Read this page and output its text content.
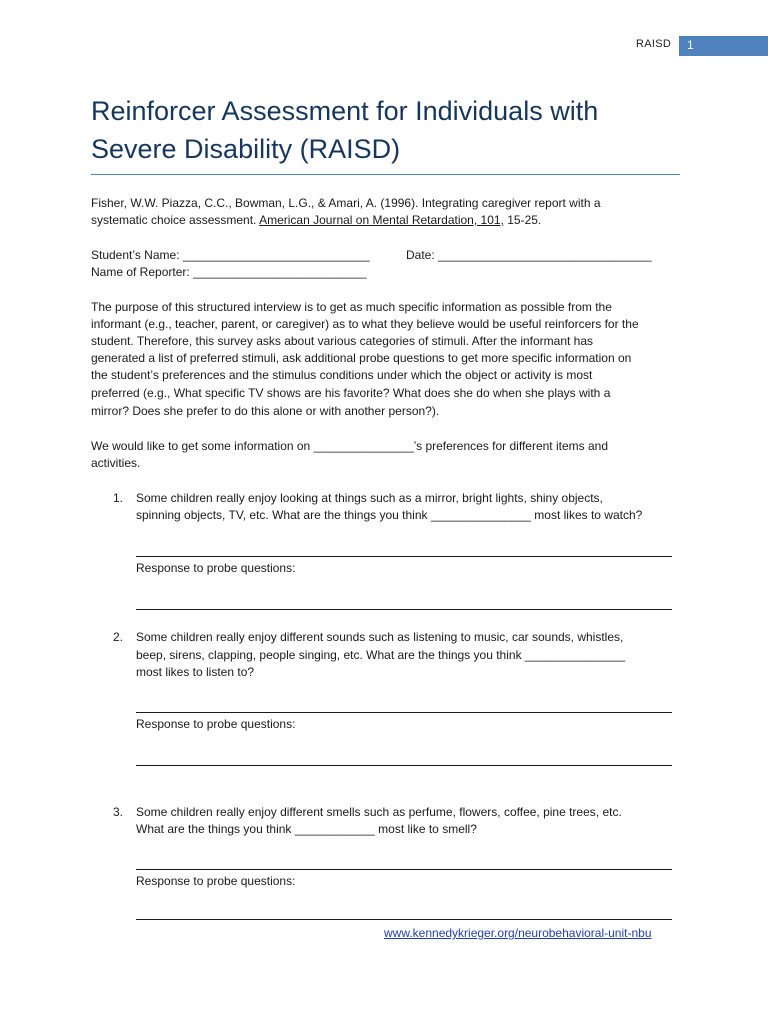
RAISD 1
Reinforcer Assessment for Individuals with
Severe Disability (RAISD)
Fisher, W.W. Piazza, C.C., Bowman, L.G., & Amari, A. (1996). Integrating caregiver report with a
systematic choice assessment. American Journal on Mental Retardation, 101, 15-25.
Student’s Name: ____________________________	Date: ________________________________
Name of Reporter: __________________________
The purpose of this structured interview is to get as much specific information as possible from the
informant (e.g., teacher, parent, or caregiver) as to what they believe would be useful reinforcers for the
student. Therefore, this survey asks about various categories of stimuli. After the informant has
generated a list of preferred stimuli, ask additional probe questions to get more specific information on
the student’s preferences and the stimulus conditions under which the object or activity is most
preferred (e.g., What specific TV shows are his favorite? What does she do when she plays with a
mirror? Does she prefer to do this alone or with another person?).
We would like to get some information on _______________’s preferences for different items and
activities.
1. Some children really enjoy looking at things such as a mirror, bright lights, shiny objects,
spinning objects, TV, etc. What are the things you think _______________ most likes to watch?
Response to probe questions:
2. Some children really enjoy different sounds such as listening to music, car sounds, whistles,
beep, sirens, clapping, people singing, etc. What are the things you think _______________
most likes to listen to?
Response to probe questions:
3. Some children really enjoy different smells such as perfume, flowers, coffee, pine trees, etc.
What are the things you think ____________ most like to smell?
Response to probe questions:
www.kennedykrieger.org/neurobehavioral-unit-nbu
